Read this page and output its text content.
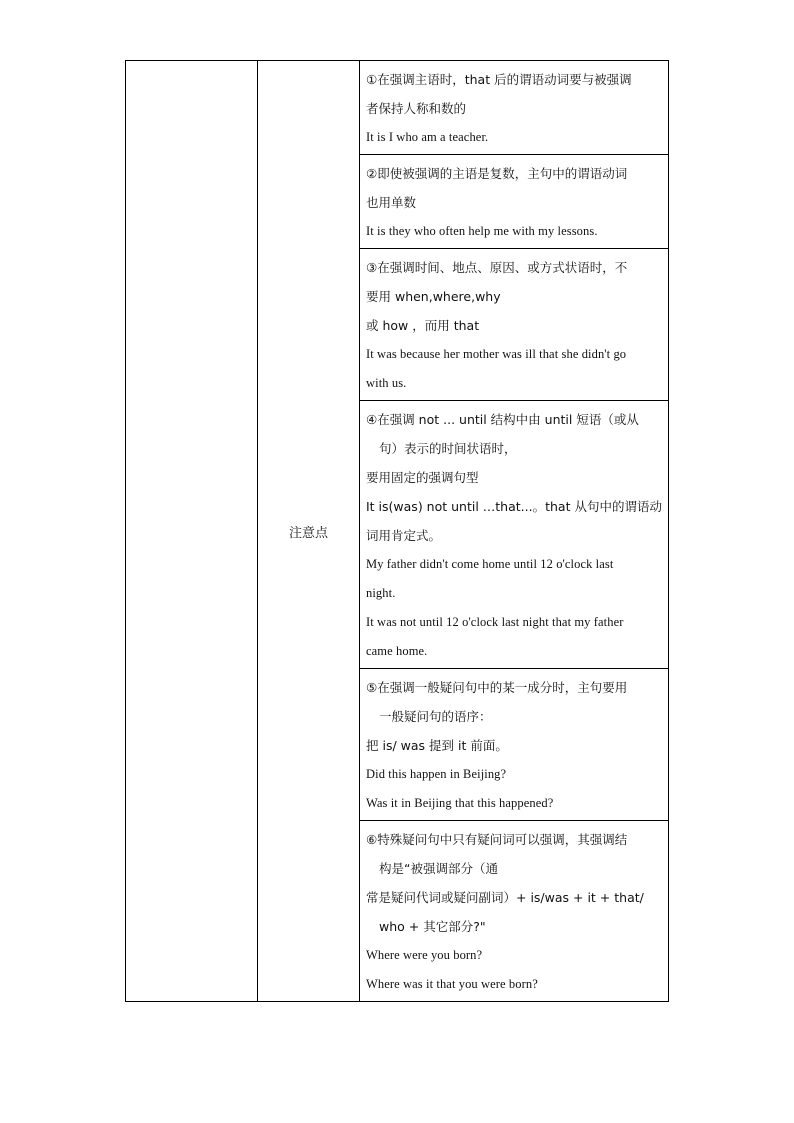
	注意点	

①在强调主语时，that 后的谓语动词要与被强调

者保持人称和数的

It is I who am a teacher.

②即使被强调的主语是复数，主句中的谓语动词

也用单数

It is they who often help me with my lessons.

③在强调时间、地点、原因、或方式状语时，不

要用 when,where,why

或 how ，而用 that

It was because her mother was ill that she didn't go

with us.

④在强调 not ... until 结构中由 until 短语（或从

句）表示的时间状语时，

要用固定的强调句型

It is(was) not until …that...。that 从句中的谓语动

词用肯定式。

My father didn't come home until 12 o'clock last

night.

It was not until 12 o'clock last night that my father

came home.

⑤在强调一般疑问句中的某一成分时，主句要用

一般疑问句的语序：

把 is/ was 提到 it 前面。

Did this happen in Beijing?

Was it in Beijing that this happened?

⑥特殊疑问句中只有疑问词可以强调，其强调结

构是“被强调部分（通

常是疑问代词或疑问副词）+ is/was + it + that/

who + 其它部分?"

Where were you born?

Where was it that you were born?
